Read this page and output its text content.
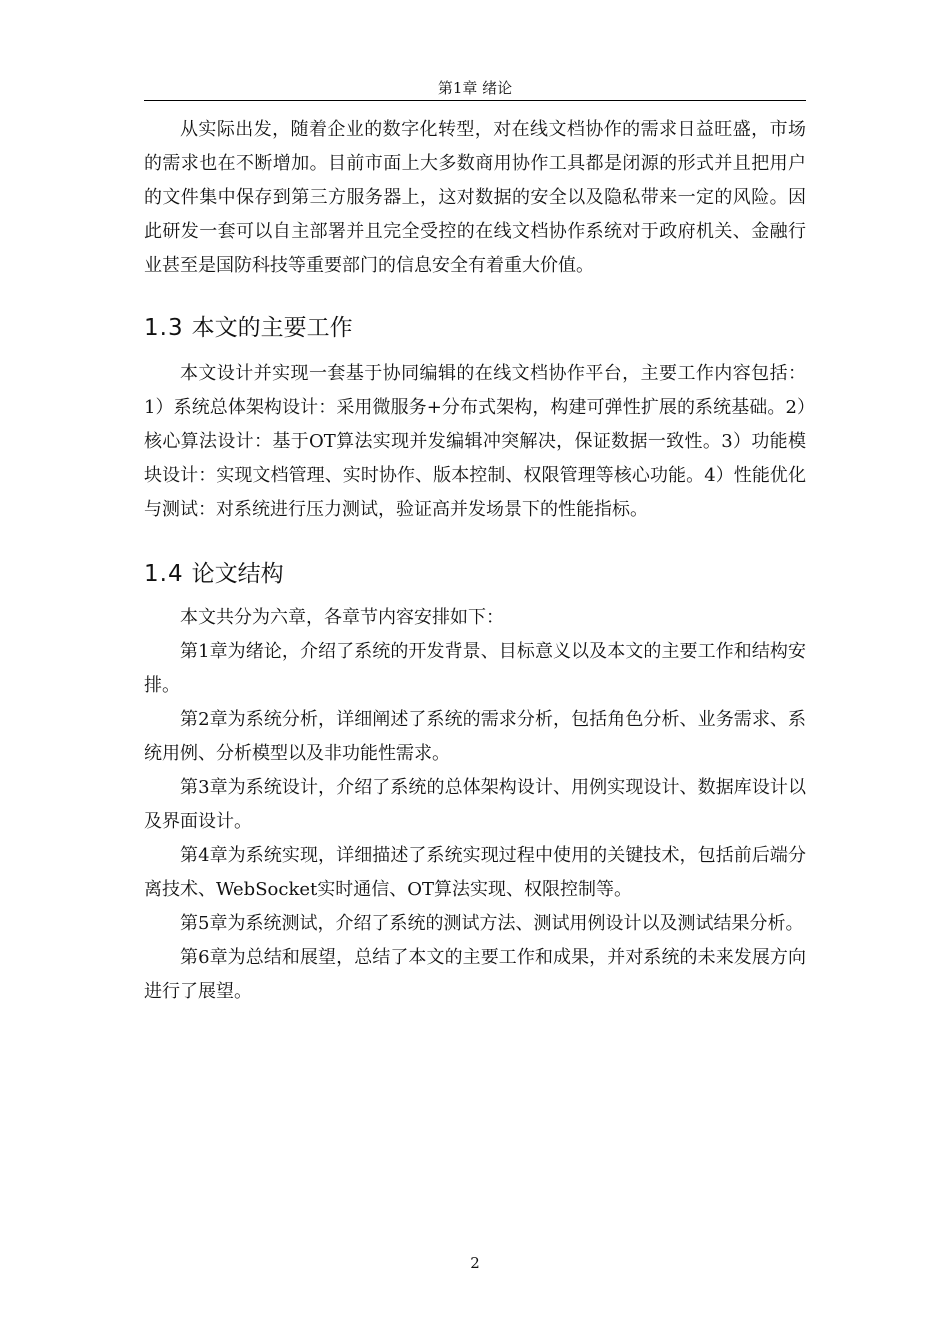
第1章 绪论

从实际出发，随着企业的数字化转型，对在线文档协作的需求日益旺盛，市场的需求也在不断增加。目前市面上大多数商用协作工具都是闭源的形式并且把用户的文件集中保存到第三方服务器上，这对数据的安全以及隐私带来一定的风险。因此研发一套可以自主部署并且完全受控的在线文档协作系统对于政府机关、金融行业甚至是国防科技等重要部门的信息安全有着重大价值。

1.3 本文的主要工作

本文设计并实现一套基于协同编辑的在线文档协作平台，主要工作内容包括：1）系统总体架构设计：采用微服务+分布式架构，构建可弹性扩展的系统基础。2）核心算法设计：基于OT算法实现并发编辑冲突解决，保证数据一致性。3）功能模块设计：实现文档管理、实时协作、版本控制、权限管理等核心功能。4）性能优化与测试：对系统进行压力测试，验证高并发场景下的性能指标。

1.4 论文结构

本文共分为六章，各章节内容安排如下：

第1章为绪论，介绍了系统的开发背景、目标意义以及本文的主要工作和结构安排。

第2章为系统分析，详细阐述了系统的需求分析，包括角色分析、业务需求、系统用例、分析模型以及非功能性需求。

第3章为系统设计，介绍了系统的总体架构设计、用例实现设计、数据库设计以及界面设计。

第4章为系统实现，详细描述了系统实现过程中使用的关键技术，包括前后端分离技术、WebSocket实时通信、OT算法实现、权限控制等。

第5章为系统测试，介绍了系统的测试方法、测试用例设计以及测试结果分析。

第6章为总结和展望，总结了本文的主要工作和成果，并对系统的未来发展方向进行了展望。

2
